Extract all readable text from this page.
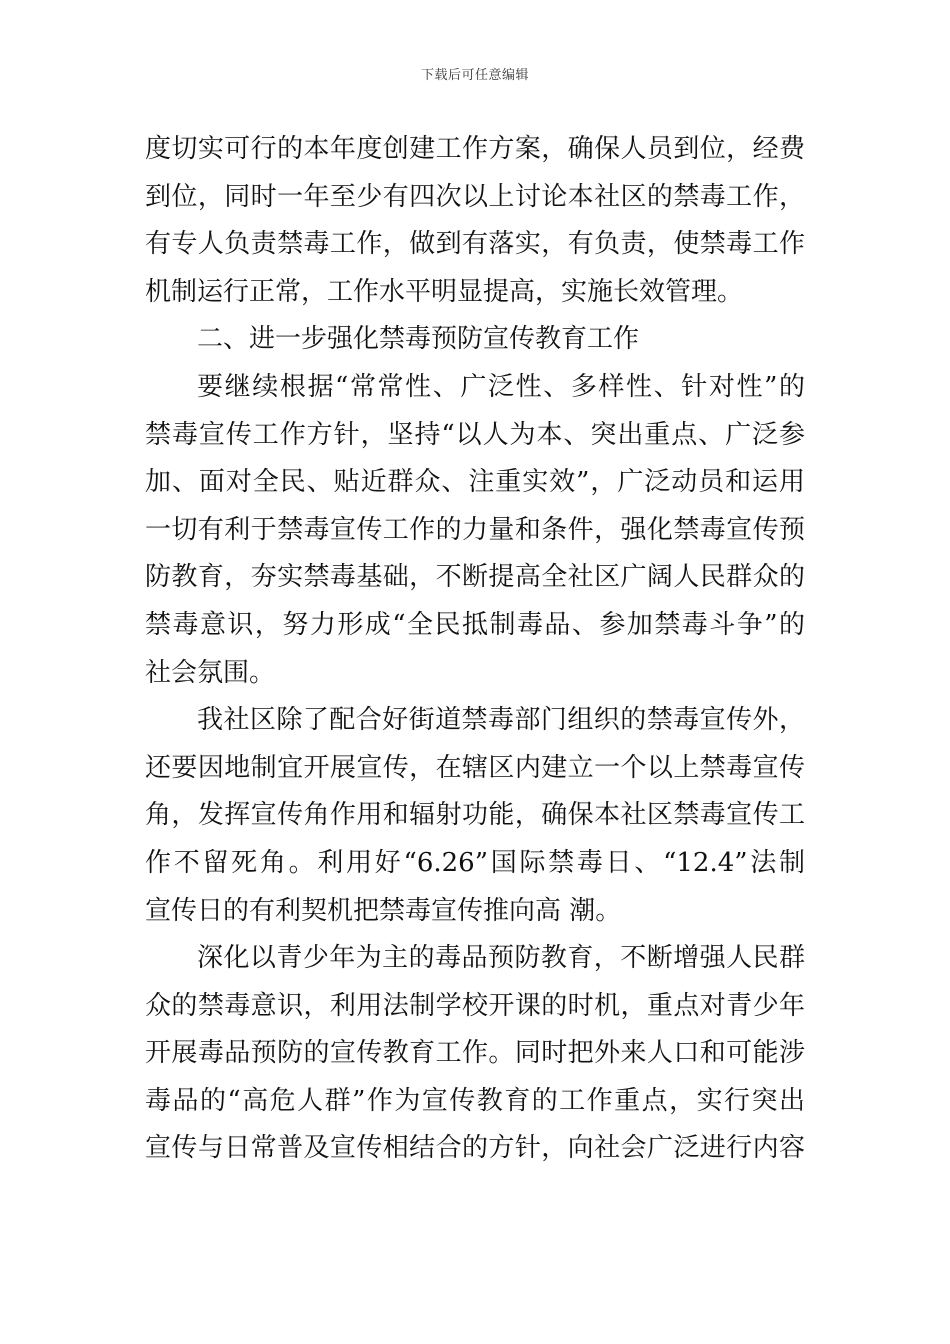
下载后可任意编辑
度切实可行的本年度创建工作方案，确保人员到位，经费
到位，同时一年至少有四次以上讨论本社区的禁毒工作，
有专人负责禁毒工作，做到有落实，有负责，使禁毒工作
机制运行正常，工作水平明显提高，实施长效管理。
二、进一步强化禁毒预防宣传教育工作
要继续根据“常常性、广泛性、多样性、针对性”的
禁毒宣传工作方针，坚持“以人为本、突出重点、广泛参
加、面对全民、贴近群众、注重实效”，广泛动员和运用
一切有利于禁毒宣传工作的力量和条件，强化禁毒宣传预
防教育，夯实禁毒基础，不断提高全社区广阔人民群众的
禁毒意识，努力形成“全民抵制毒品、参加禁毒斗争”的
社会氛围。
我社区除了配合好街道禁毒部门组织的禁毒宣传外，
还要因地制宜开展宣传，在辖区内建立一个以上禁毒宣传
角，发挥宣传角作用和辐射功能，确保本社区禁毒宣传工
作不留死角。利用好“6.26”国际禁毒日、“12.4”法制
宣传日的有利契机把禁毒宣传推向高 潮。
深化以青少年为主的毒品预防教育，不断增强人民群
众的禁毒意识，利用法制学校开课的时机，重点对青少年
开展毒品预防的宣传教育工作。同时把外来人口和可能涉
毒品的“高危人群”作为宣传教育的工作重点，实行突出
宣传与日常普及宣传相结合的方针，向社会广泛进行内容
